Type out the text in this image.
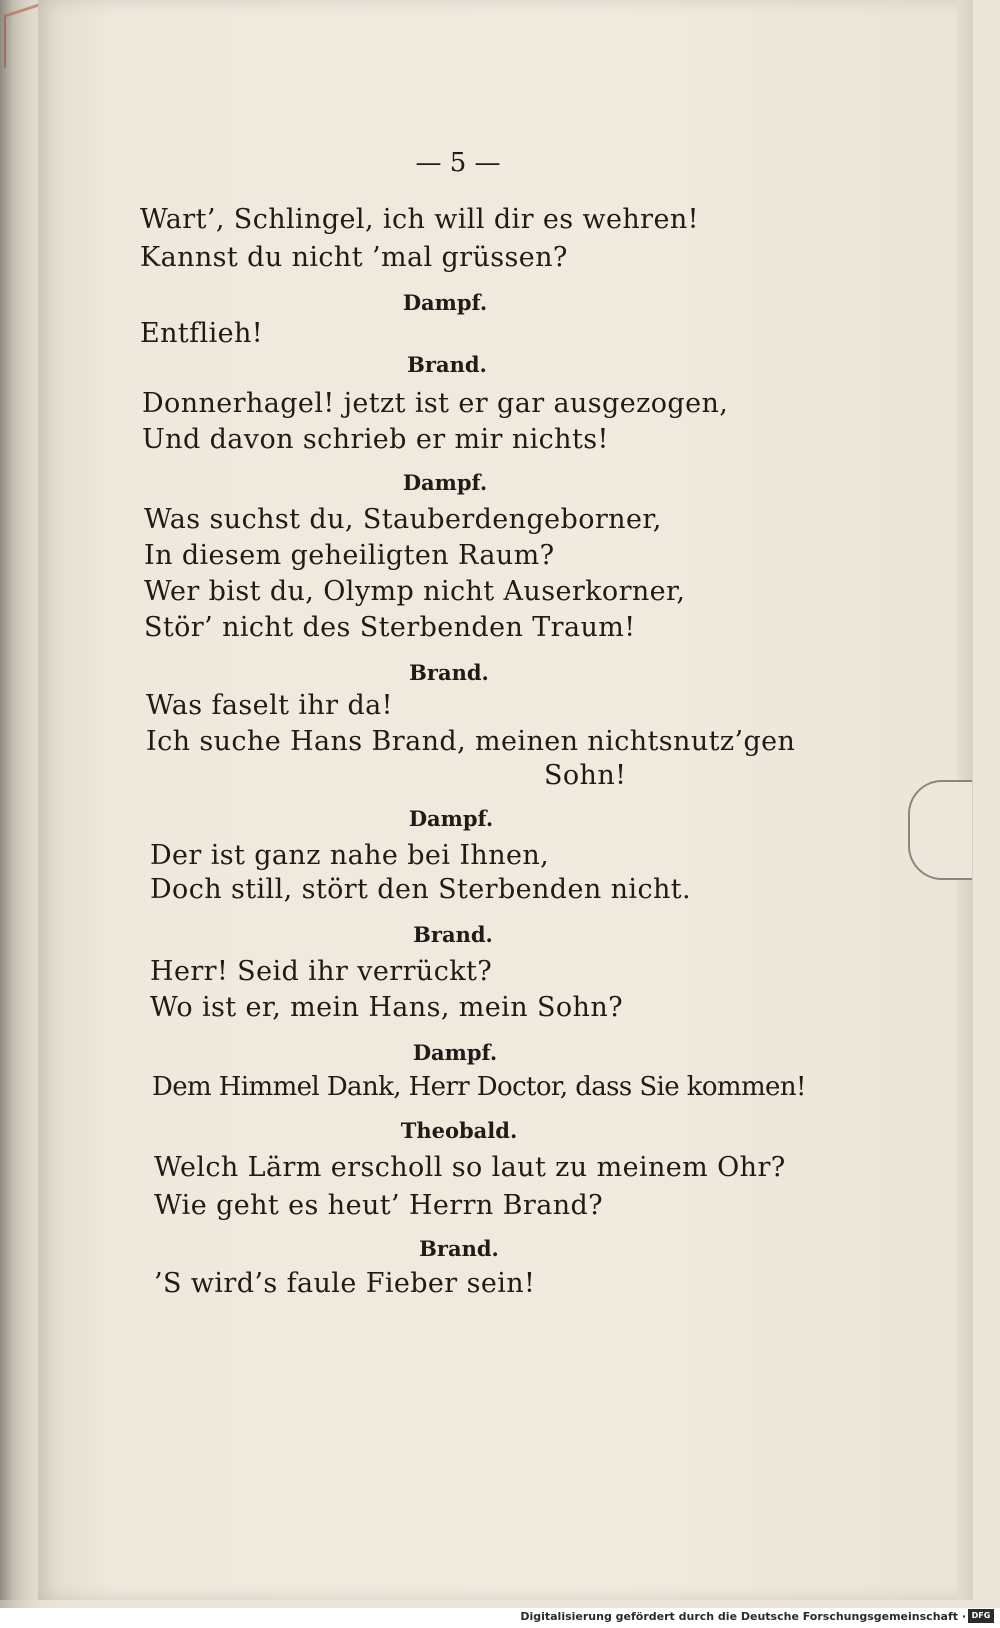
— 5 —
Wart’, Schlingel, ich will dir es wehren!
Kannst du nicht ’mal grüssen?
Dampf.
Entflieh!
Brand.
Donnerhagel! jetzt ist er gar ausgezogen,
Und davon schrieb er mir nichts!
Dampf.
Was suchst du, Stauberdengeborner,
In diesem geheiligten Raum?
Wer bist du, Olymp nicht Auserkorner,
Stör’ nicht des Sterbenden Traum!
Brand.
Was faselt ihr da!
Ich suche Hans Brand, meinen nichtsnutz’gen
Sohn!
Dampf.
Der ist ganz nahe bei Ihnen,
Doch still, stört den Sterbenden nicht.
Brand.
Herr! Seid ihr verrückt?
Wo ist er, mein Hans, mein Sohn?
Dampf.
Dem Himmel Dank, Herr Doctor, dass Sie kommen!
Theobald.
Welch Lärm erscholl so laut zu meinem Ohr?
Wie geht es heut’ Herrn Brand?
Brand.
’S wird’s faule Fieber sein!
Digitalisierung gefördert durch die Deutsche Forschungsgemeinschaft · DFG
